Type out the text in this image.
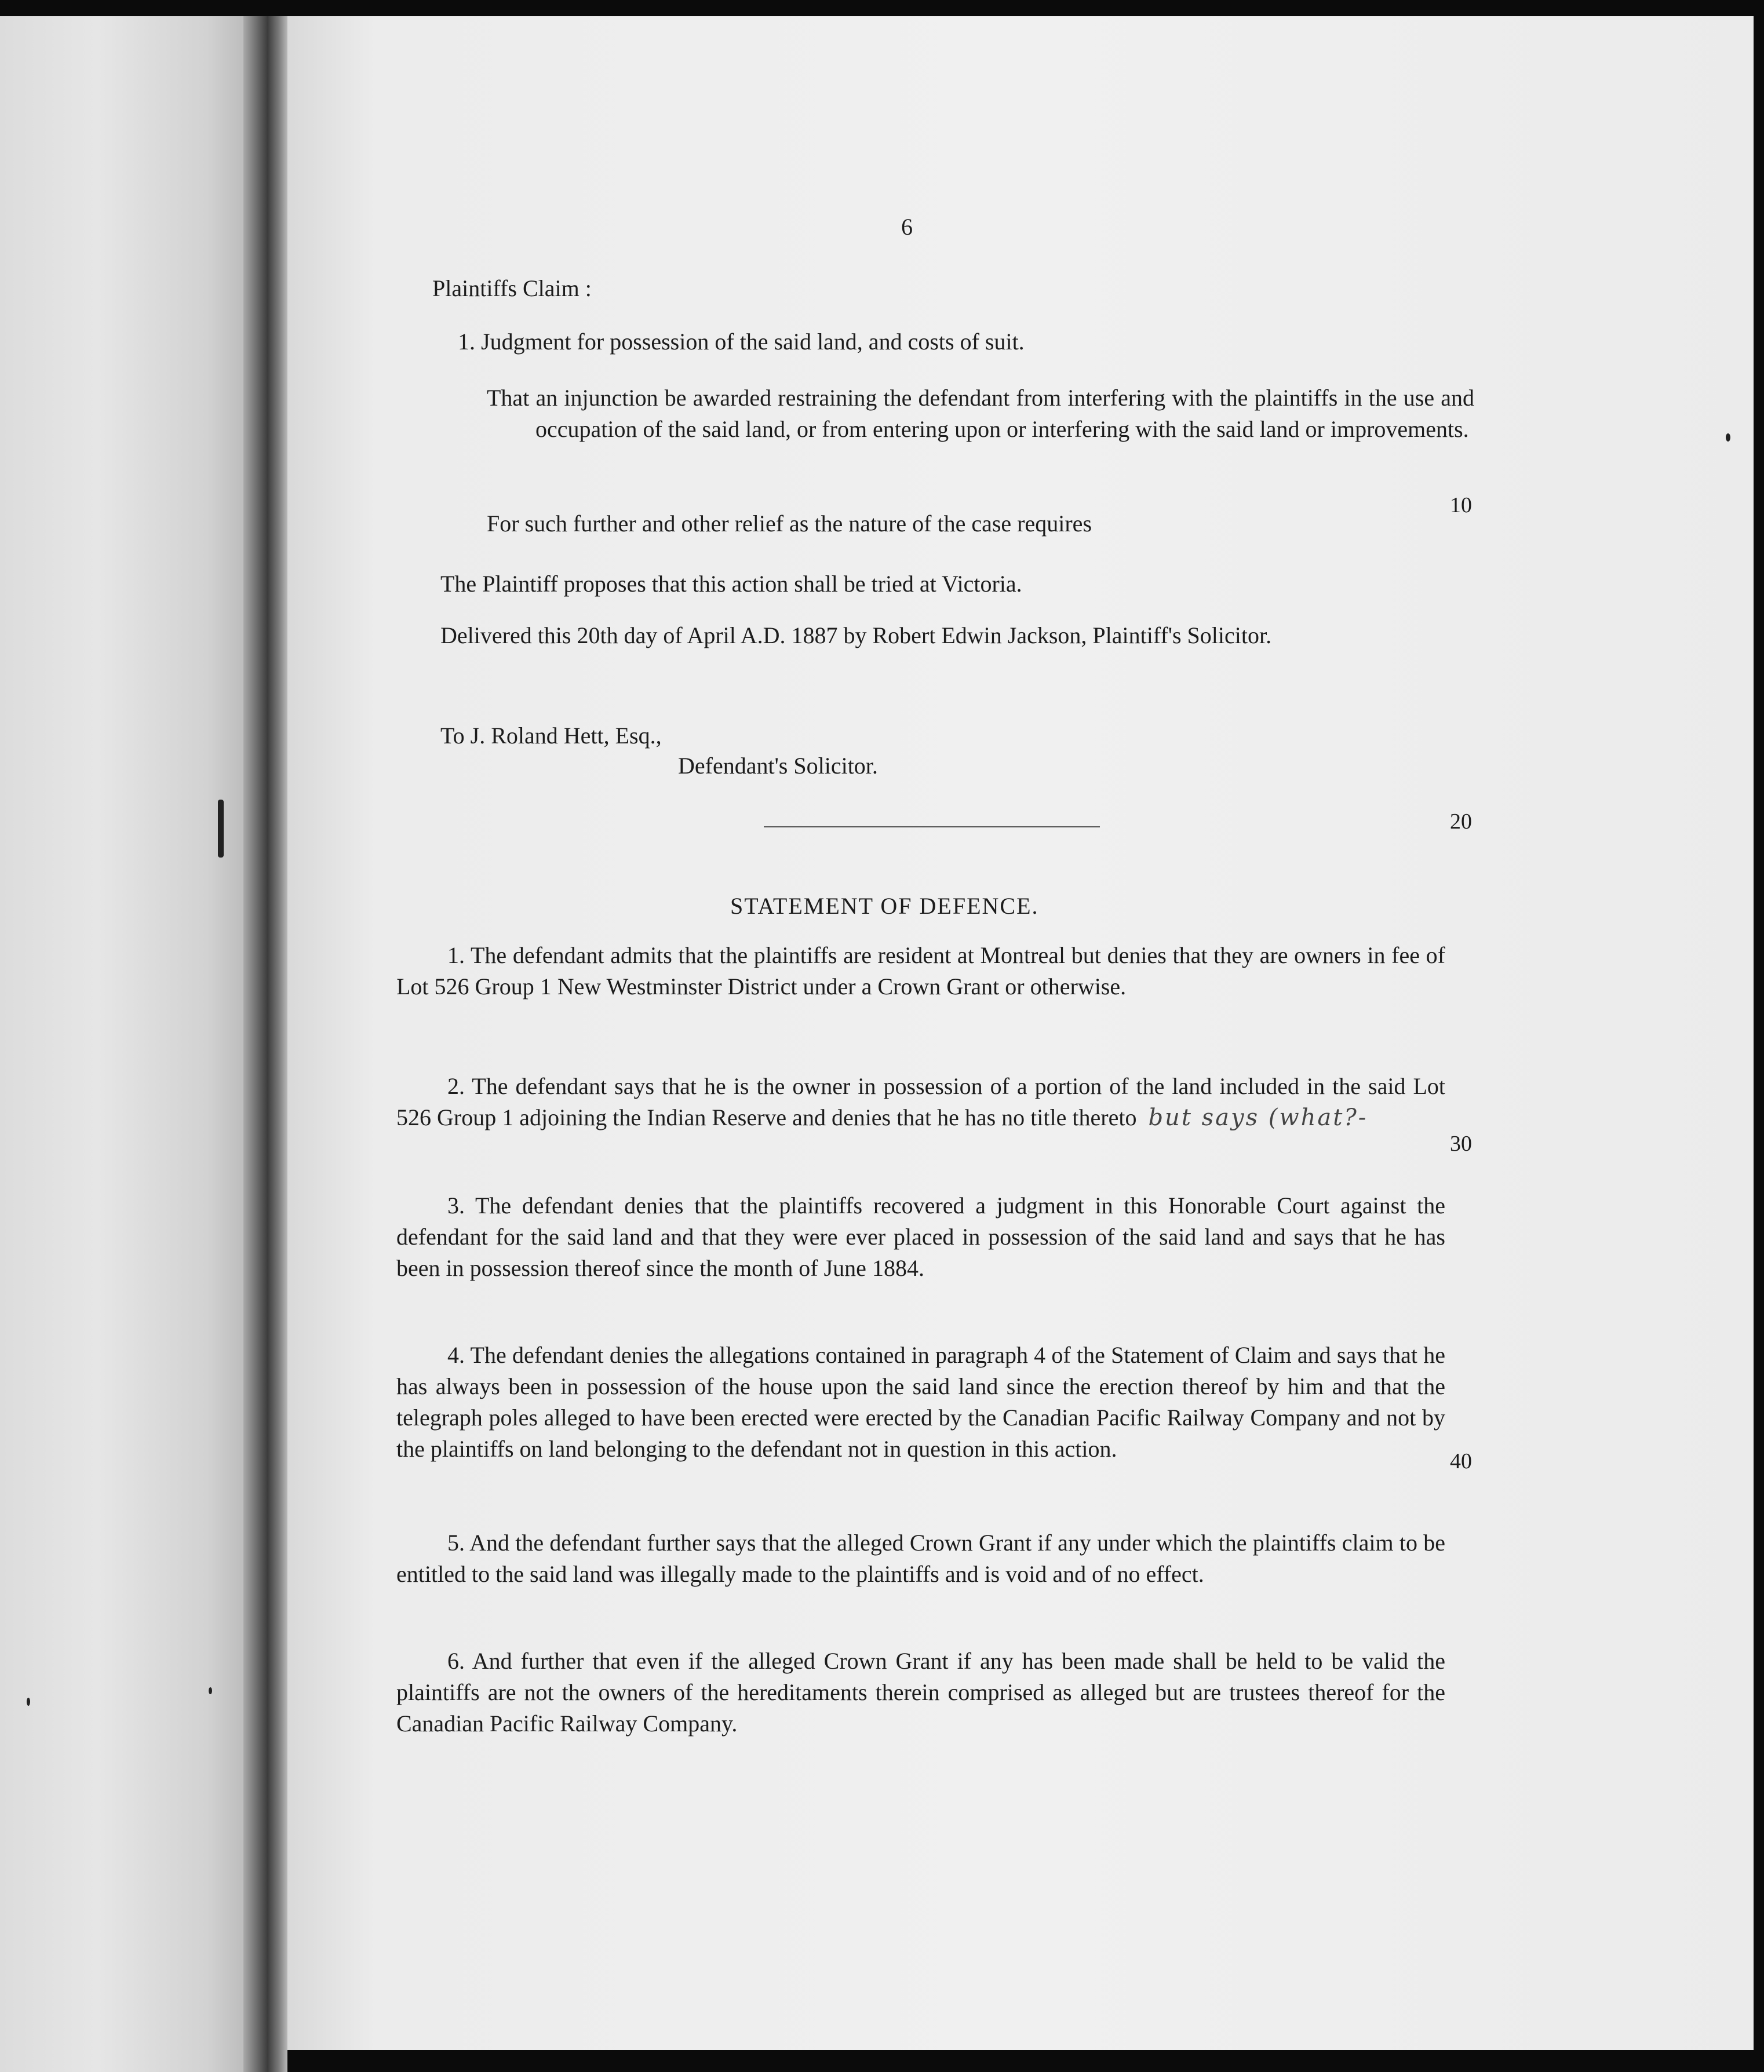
6

Plaintiffs Claim :

1. Judgment for possession of the said land, and costs of suit.

That an injunction be awarded restraining the defendant from interfering with the plaintiffs in the use and occupation of the said land, or from entering upon or interfering with the said land or improvements.

For such further and other relief as the nature of the case requires

The Plaintiff proposes that this action shall be tried at Victoria.

Delivered this 20th day of April A.D. 1887 by Robert Edwin Jackson, Plaintiff's Solicitor.

To J. Roland Hett, Esq.,

Defendant's Solicitor.

STATEMENT OF DEFENCE.

1. The defendant admits that the plaintiffs are resident at Montreal but denies that they are owners in fee of Lot 526 Group 1 New Westminster District under a Crown Grant or otherwise.

2. The defendant says that he is the owner in possession of a portion of the land included in the said Lot 526 Group 1 adjoining the Indian Reserve and denies that he has no title thereto but says (what?-

3. The defendant denies that the plaintiffs recovered a judgment in this Honorable Court against the defendant for the said land and that they were ever placed in possession of the said land and says that he has been in possession thereof since the month of June 1884.

4. The defendant denies the allegations contained in paragraph 4 of the Statement of Claim and says that he has always been in possession of the house upon the said land since the erection thereof by him and that the telegraph poles alleged to have been erected were erected by the Canadian Pacific Railway Company and not by the plaintiffs on land belonging to the defendant not in question in this action.

5. And the defendant further says that the alleged Crown Grant if any under which the plaintiffs claim to be entitled to the said land was illegally made to the plaintiffs and is void and of no effect.

6. And further that even if the alleged Crown Grant if any has been made shall be held to be valid the plaintiffs are not the owners of the hereditaments therein comprised as alleged but are trustees thereof for the Canadian Pacific Railway Company.

10
20
30
40
